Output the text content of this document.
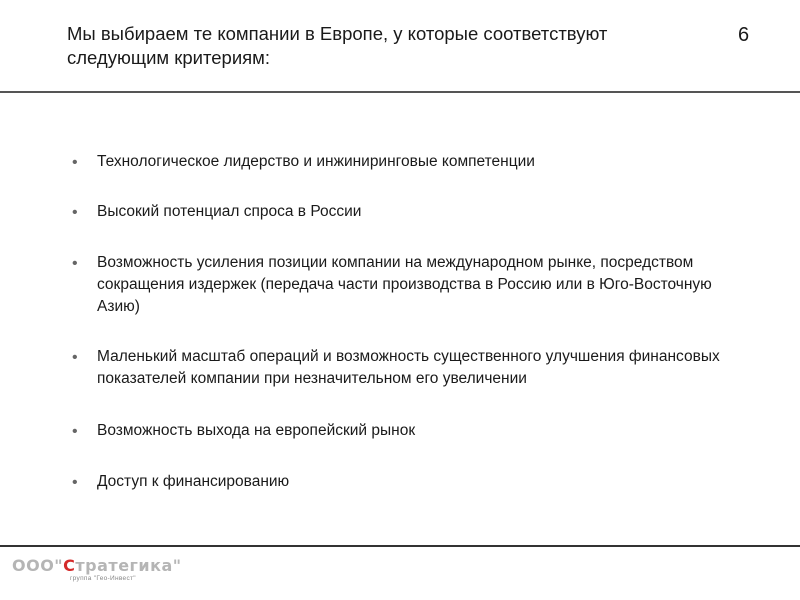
Мы выбираем те компании в Европе, у которые соответствуют следующим критериям:
6
• Технологическое лидерство и инжиниринговые компетенции
• Высокий потенциал спроса в России
• Возможность усиления позиции компании на международном рынке, посредством сокращения издержек (передача части производства в Россию или в Юго-Восточную Азию)
• Маленький масштаб операций и возможность существенного улучшения финансовых показателей компании при незначительном его увеличении
• Возможность выхода на европейский рынок
• Доступ к финансированию
ООО"Стратегика"
группа "Гео-Инвест"
